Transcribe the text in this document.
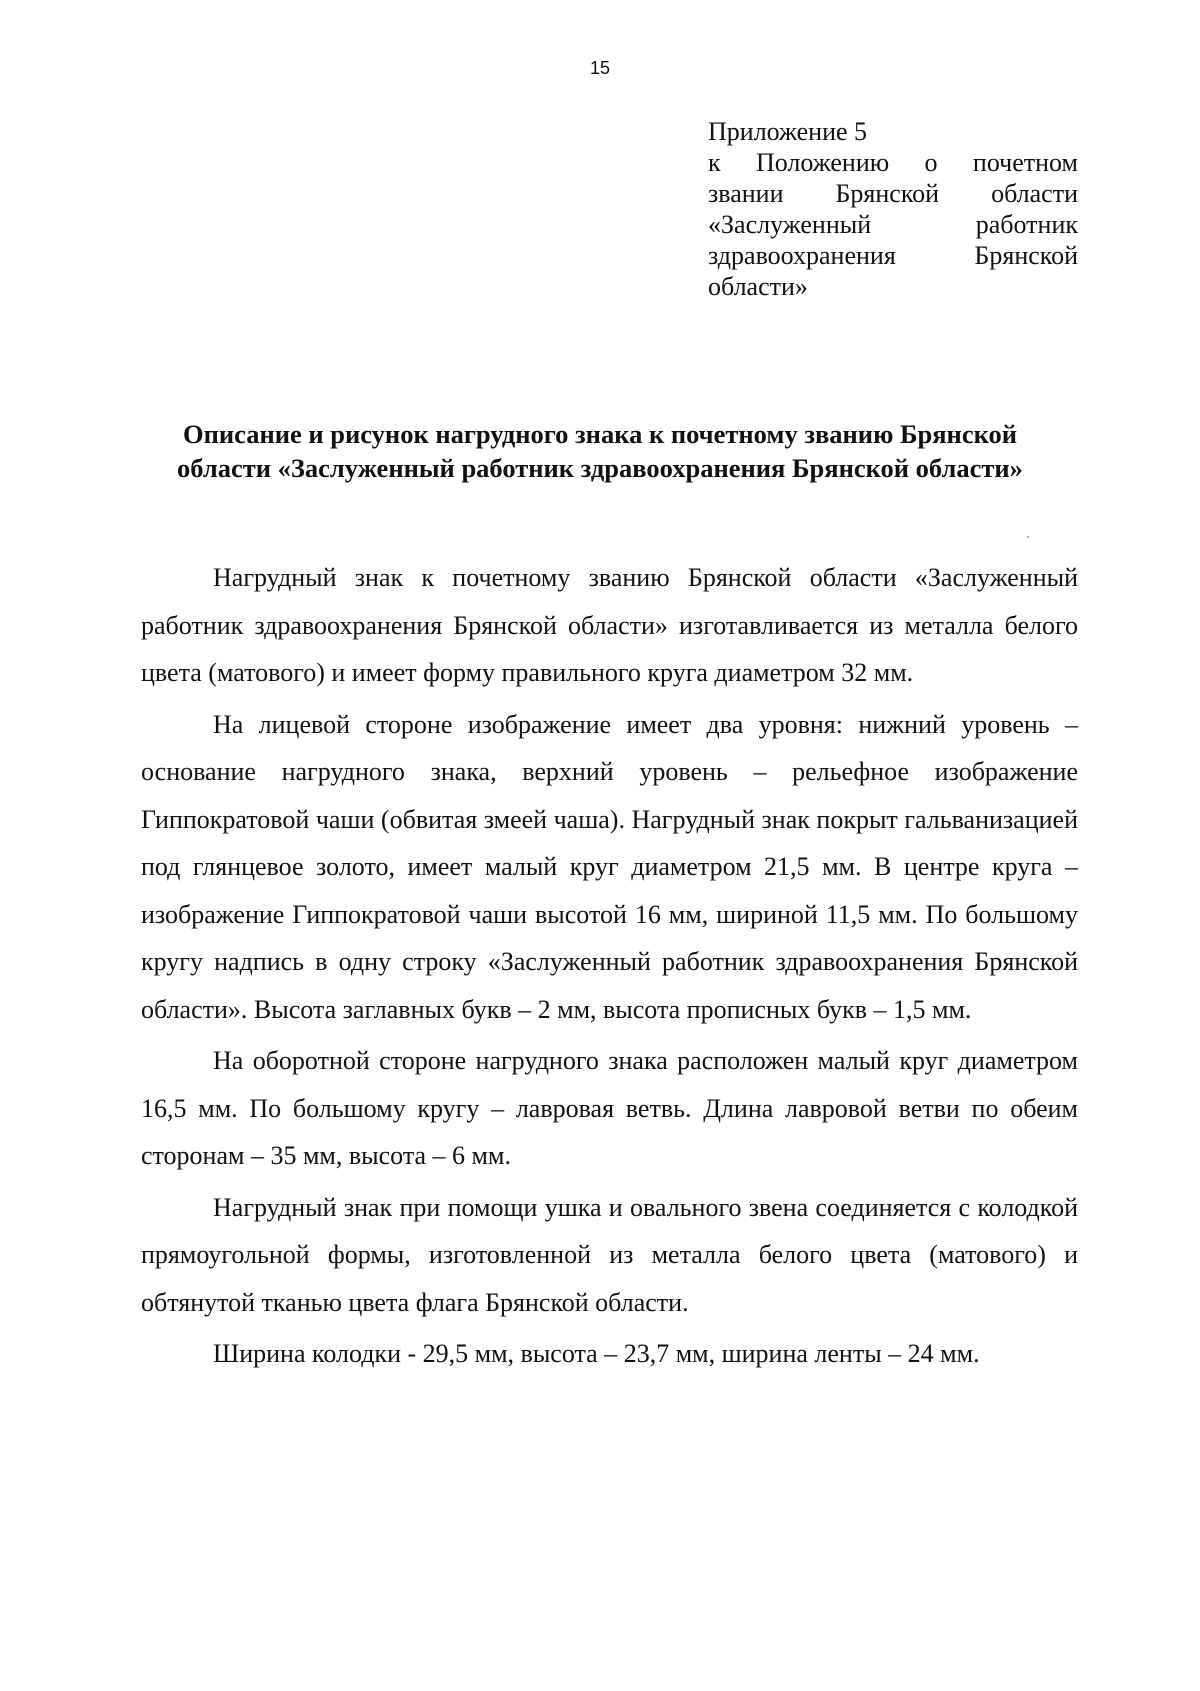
15
Приложение 5
к Положению о почетном
звании Брянской области
«Заслуженный работник
здравоохранения Брянской
области»
Описание и рисунок нагрудного знака к почетному званию Брянской
области «Заслуженный работник здравоохранения Брянской области»

Нагрудный знак к почетному званию Брянской области «Заслуженный работник здравоохранения Брянской области» изготавливается из металла белого цвета (матового) и имеет форму правильного круга диаметром 32 мм.

На лицевой стороне изображение имеет два уровня: нижний уровень – основание нагрудного знака, верхний уровень – рельефное изображение Гиппократовой чаши (обвитая змеей чаша). Нагрудный знак покрыт гальванизацией под глянцевое золото, имеет малый круг диаметром 21,5 мм. В центре круга – изображение Гиппократовой чаши высотой 16 мм, шириной 11,5 мм. По большому кругу надпись в одну строку «Заслуженный работник здравоохранения Брянской области». Высота заглавных букв – 2 мм, высота прописных букв – 1,5 мм.

На оборотной стороне нагрудного знака расположен малый круг диаметром 16,5 мм. По большому кругу – лавровая ветвь. Длина лавровой ветви по обеим сторонам – 35 мм, высота – 6 мм.

Нагрудный знак при помощи ушка и овального звена соединяется с колодкой прямоугольной формы, изготовленной из металла белого цвета (матового) и обтянутой тканью цвета флага Брянской области.

Ширина колодки - 29,5 мм, высота – 23,7 мм, ширина ленты – 24 мм.
